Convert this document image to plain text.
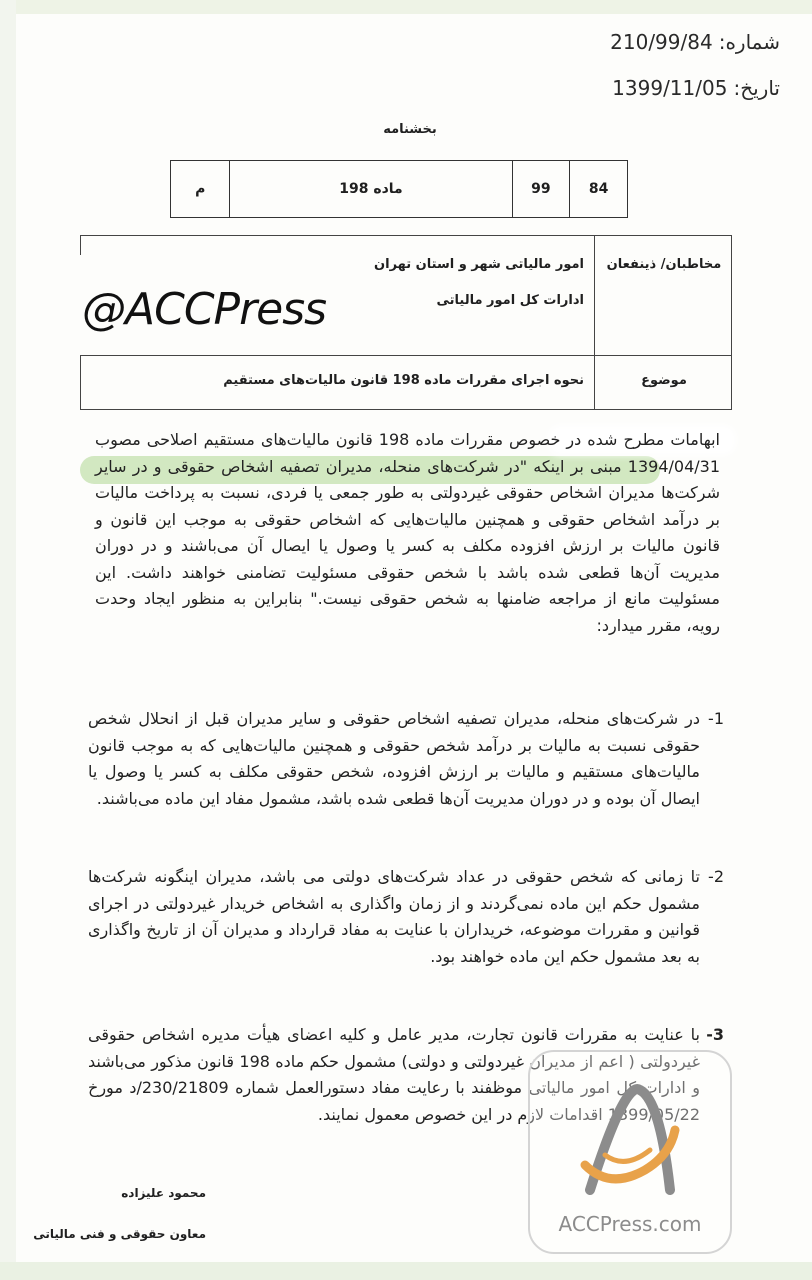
شماره:210/99/84
تاریخ:1399/11/05
بخشنامه
84	99	ماده 198	م
مخاطبان/ ذینفعان
امور مالیاتی شهر و استان تهران
ادارات کل امور مالیاتی
موضوع
نحوه اجرای مقررات ماده 198 قانون مالیات‌های مستقیم
@ACCPress
ابهامات مطرح شده در خصوص مقررات ماده 198 قانون مالیات‌های مستقیم اصلاحی مصوب 1394/04/31 مبنی بر اینکه "در شرکت‌های منحله، مدیران تصفیه اشخاص حقوقی و در سایر شرکت‌ها مدیران اشخاص حقوقی غیردولتی به طور جمعی یا فردی، نسبت به پرداخت مالیات بر درآمد اشخاص حقوقی و همچنین مالیات‌هایی که اشخاص حقوقی به موجب این قانون و قانون مالیات بر ارزش افزوده مکلف به کسر یا وصول یا ایصال آن می‌باشند و در دوران مدیریت آن‌ها قطعی شده باشد با شخص حقوقی مسئولیت تضامنی خواهند داشت. این مسئولیت مانع از مراجعه ضامنها به شخص حقوقی نیست." بنابراین به منظور ایجاد وحدت رویه، مقرر میدارد:
-1
در شرکت‌های منحله، مدیران تصفیه اشخاص حقوقی و سایر مدیران قبل از انحلال شخص حقوقی نسبت به مالیات بر درآمد شخص حقوقی و همچنین مالیات‌هایی که به موجب قانون مالیات‌های مستقیم و مالیات بر ارزش افزوده، شخص حقوقی مکلف به کسر یا وصول یا ایصال آن بوده و در دوران مدیریت آن‌ها قطعی شده باشد، مشمول مفاد این ماده می‌باشند.
-2
تا زمانی که شخص حقوقی در عداد شرکت‌های دولتی می باشد، مدیران اینگونه شرکت‌ها مشمول حکم این ماده نمی‌گردند و از زمان واگذاری به اشخاص خریدار غیردولتی در اجرای قوانین و مقررات موضوعه، خریداران با عنایت به مفاد قرارداد و مدیران آن از تاریخ واگذاری به بعد مشمول حکم این ماده خواهند بود.
-3
با عنایت به مقررات قانون تجارت، مدیر عامل و کلیه اعضای هیأت مدیره اشخاص حقوقی غیردولتی ( اعم از مدیران غیردولتی و دولتی) مشمول حکم ماده 198 قانون مذکور می‌باشند و ادارات کل امور مالیاتی موظفند با رعایت مفاد دستورالعمل شماره 230/21809/د مورخ 1399/05/22 اقدامات لازم در این خصوص معمول نمایند.
محمود علیزاده
معاون حقوقی و فنی مالیاتی	ACCPress.com
